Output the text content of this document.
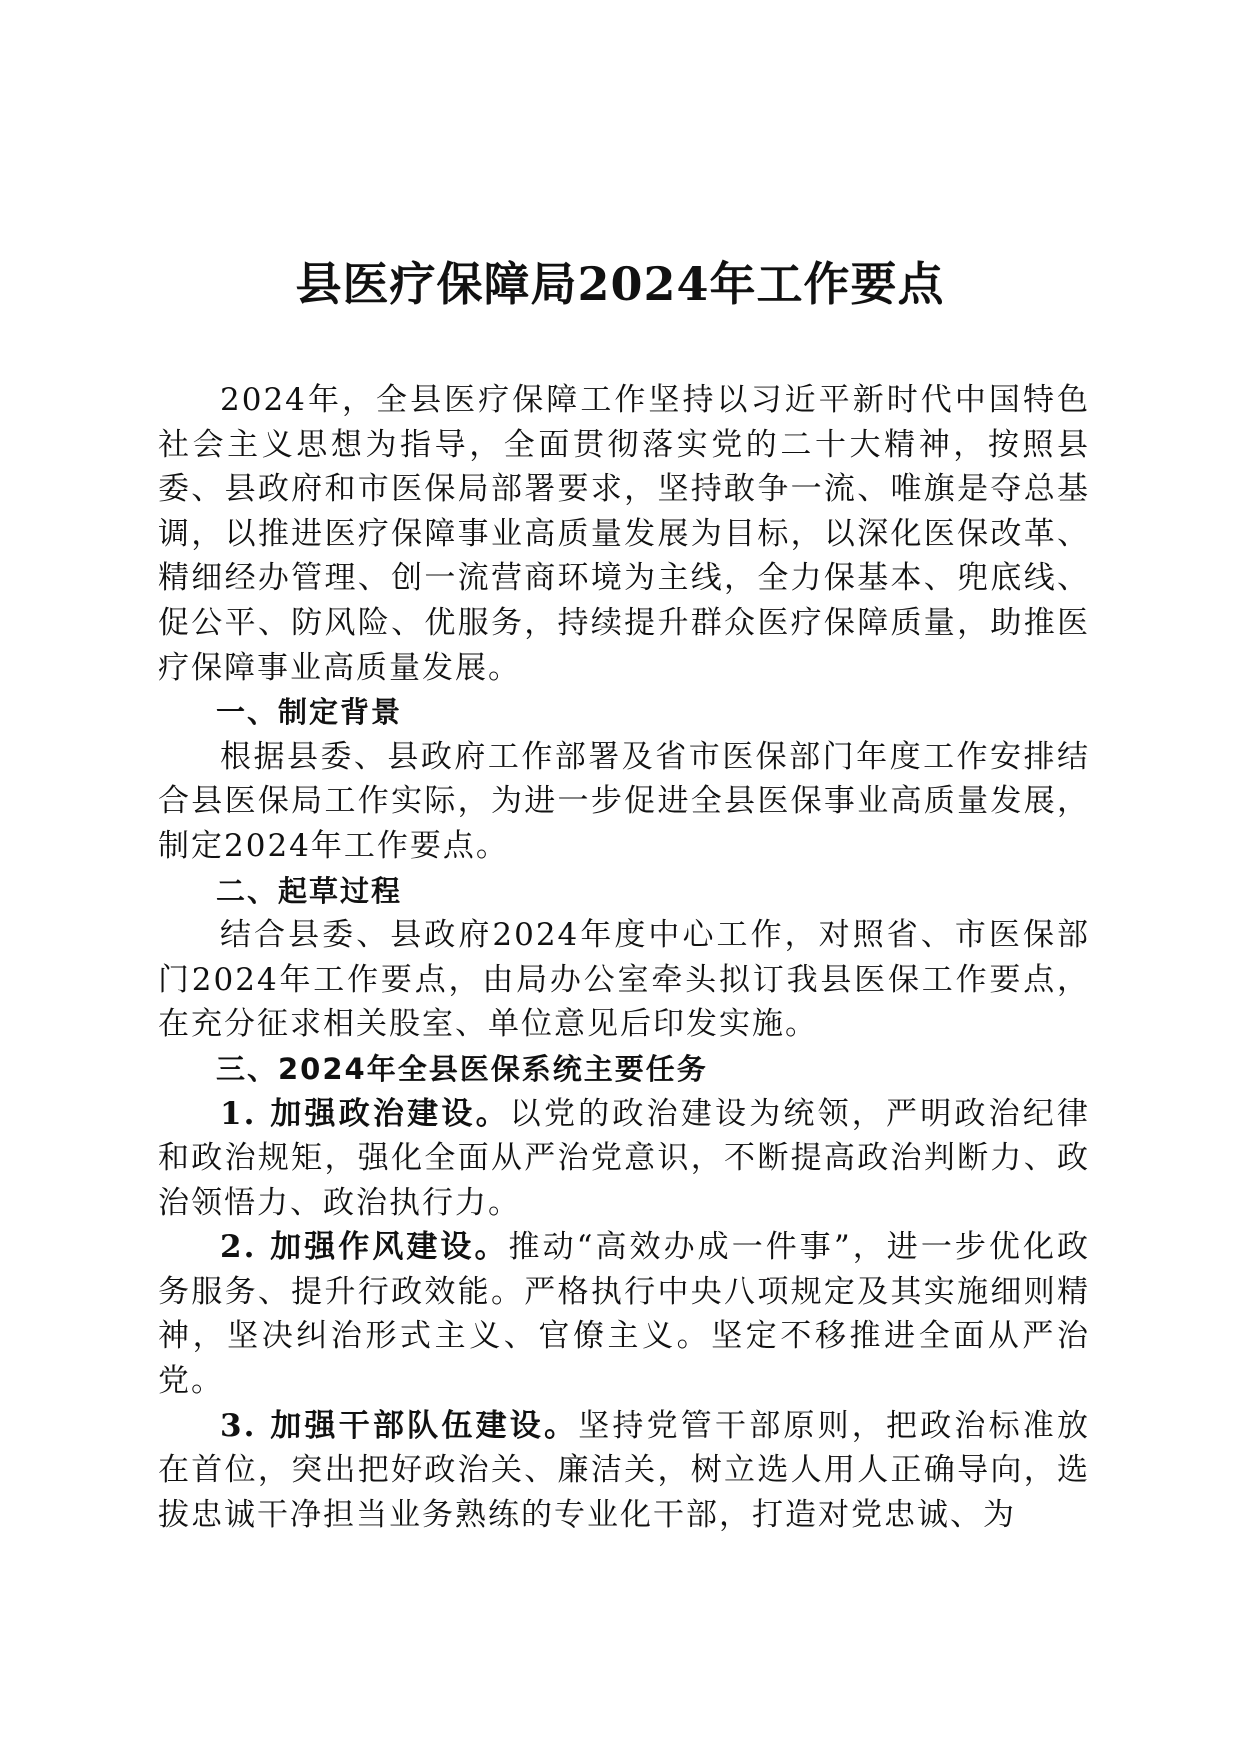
县医疗保障局2024年工作要点

2024年，全县医疗保障工作坚持以习近平新时代中国特色社会主义思想为指导，全面贯彻落实党的二十大精神，按照县委、县政府和市医保局部署要求，坚持敢争一流、唯旗是夺总基调，以推进医疗保障事业高质量发展为目标，以深化医保改革、精细经办管理、创一流营商环境为主线，全力保基本、兜底线、促公平、防风险、优服务，持续提升群众医疗保障质量，助推医疗保障事业高质量发展。

一、制定背景

根据县委、县政府工作部署及省市医保部门年度工作安排结合县医保局工作实际，为进一步促进全县医保事业高质量发展，制定2024年工作要点。

二、起草过程

结合县委、县政府2024年度中心工作，对照省、市医保部门2024年工作要点，由局办公室牵头拟订我县医保工作要点，在充分征求相关股室、单位意见后印发实施。

三、2024年全县医保系统主要任务

1. 加强政治建设。以党的政治建设为统领，严明政治纪律和政治规矩，强化全面从严治党意识，不断提高政治判断力、政治领悟力、政治执行力。

2. 加强作风建设。推动“高效办成一件事”，进一步优化政务服务、提升行政效能。严格执行中央八项规定及其实施细则精神，坚决纠治形式主义、官僚主义。坚定不移推进全面从严治党。

3. 加强干部队伍建设。坚持党管干部原则，把政治标准放在首位，突出把好政治关、廉洁关，树立选人用人正确导向，选拔忠诚干净担当业务熟练的专业化干部，打造对党忠诚、为
